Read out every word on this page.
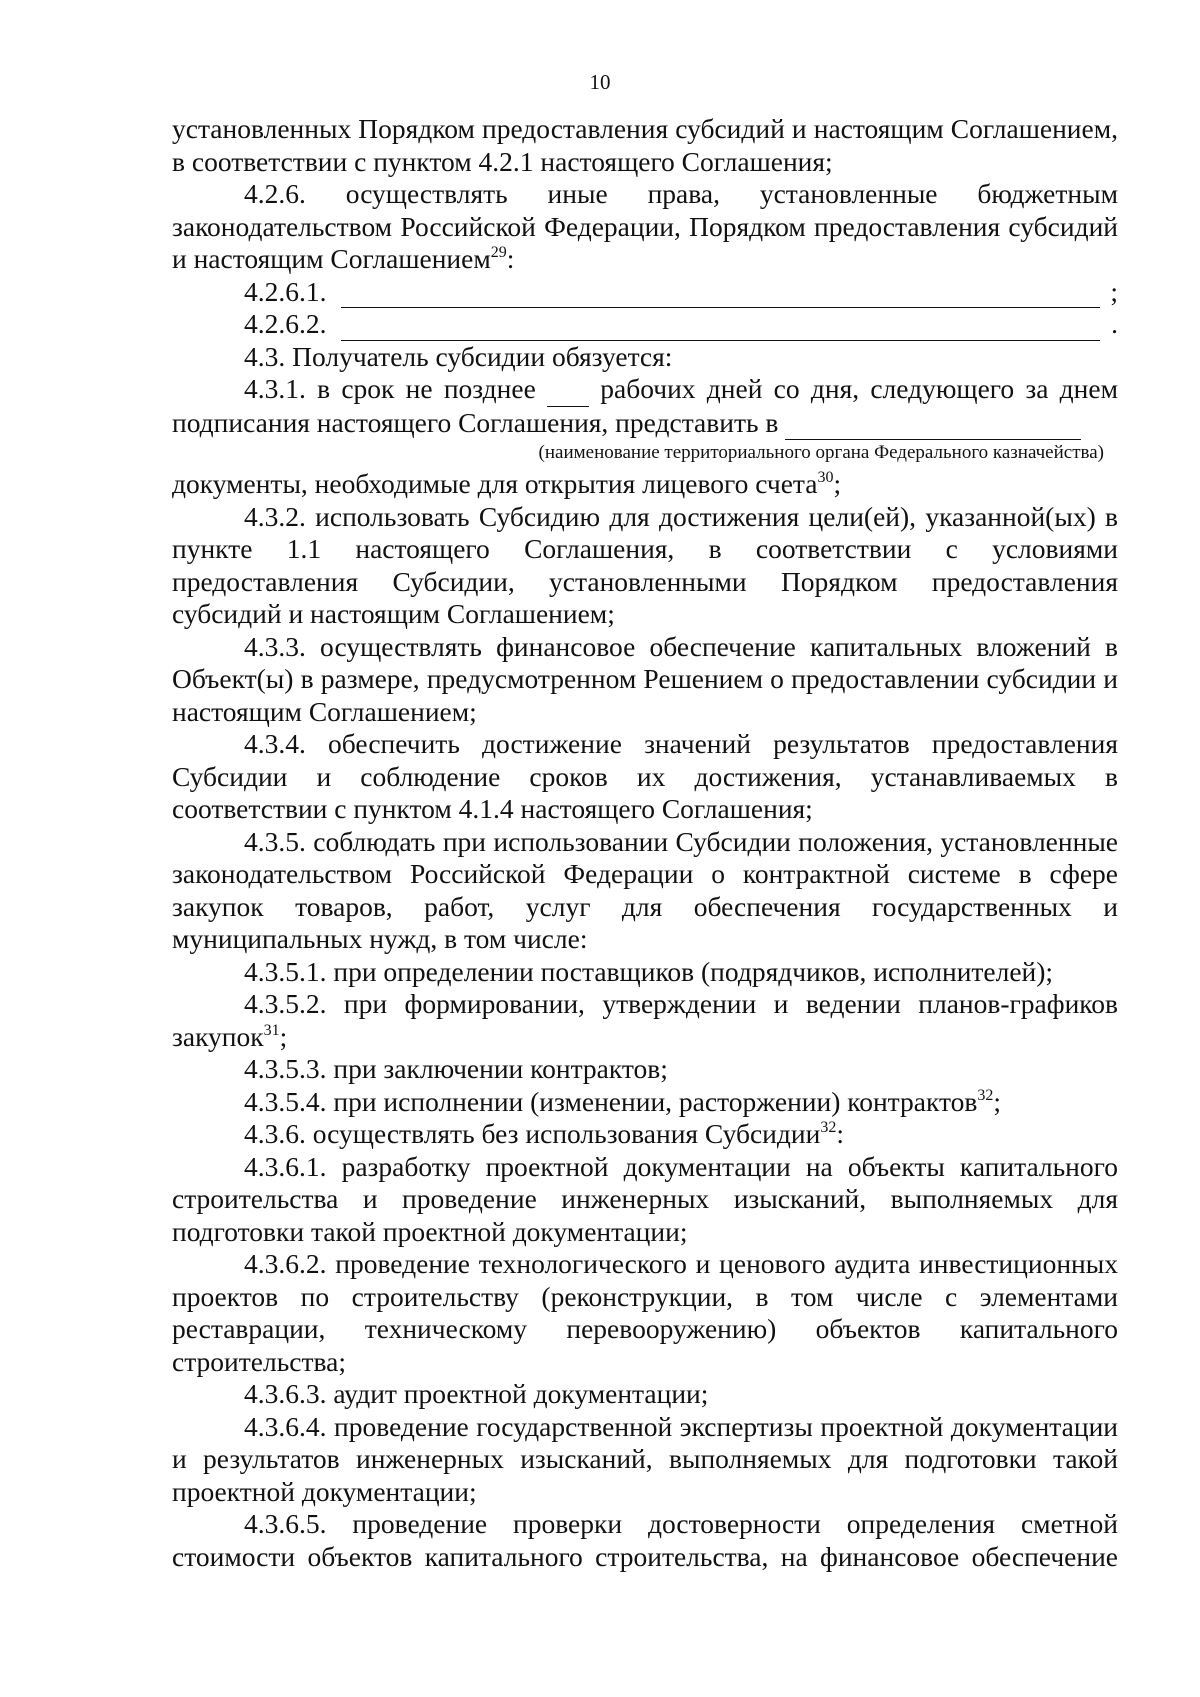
10

установленных Порядком предоставления субсидий и настоящим Соглашением, в соответствии с пунктом 4.2.1 настоящего Соглашения;

4.2.6. осуществлять иные права, установленные бюджетным законодательством Российской Федерации, Порядком предоставления субсидий и настоящим Соглашением$^{29}$:

4.2.6.1.	;
4.2.6.2.	.

4.3. Получатель субсидии обязуется:

4.3.1. в срок не позднее   рабочих дней со дня, следующего за днем

подписания настоящего Соглашения, представить в

(наименование территориального органа Федерального казначейства)

документы, необходимые для открытия лицевого счета$^{30}$;

4.3.2. использовать Субсидию для достижения цели(ей), указанной(ых) в пункте 1.1 настоящего Соглашения, в соответствии с условиями предоставления Субсидии, установленными Порядком предоставления субсидий и настоящим Соглашением;

4.3.3. осуществлять финансовое обеспечение капитальных вложений в Объект(ы) в размере, предусмотренном Решением о предоставлении субсидии и настоящим Соглашением;

4.3.4. обеспечить достижение значений результатов предоставления Субсидии и соблюдение сроков их достижения, устанавливаемых в соответствии с пунктом 4.1.4 настоящего Соглашения;

4.3.5. соблюдать при использовании Субсидии положения, установленные законодательством Российской Федерации о контрактной системе в сфере закупок товаров, работ, услуг для обеспечения государственных и муниципальных нужд, в том числе:

4.3.5.1. при определении поставщиков (подрядчиков, исполнителей);

4.3.5.2. при формировании, утверждении и ведении планов-графиков закупок$^{31}$;

4.3.5.3. при заключении контрактов;

4.3.5.4. при исполнении (изменении, расторжении) контрактов$^{32}$;

4.3.6. осуществлять без использования Субсидии$^{32}$:

4.3.6.1. разработку проектной документации на объекты капитального строительства и проведение инженерных изысканий, выполняемых для подготовки такой проектной документации;

4.3.6.2. проведение технологического и ценового аудита инвестиционных проектов по строительству (реконструкции, в том числе с элементами реставрации, техническому перевооружению) объектов капитального строительства;

4.3.6.3. аудит проектной документации;

4.3.6.4. проведение государственной экспертизы проектной документации и результатов инженерных изысканий, выполняемых для подготовки такой проектной документации;

4.3.6.5. проведение проверки достоверности определения сметной стоимости объектов капитального строительства, на финансовое обеспечение
